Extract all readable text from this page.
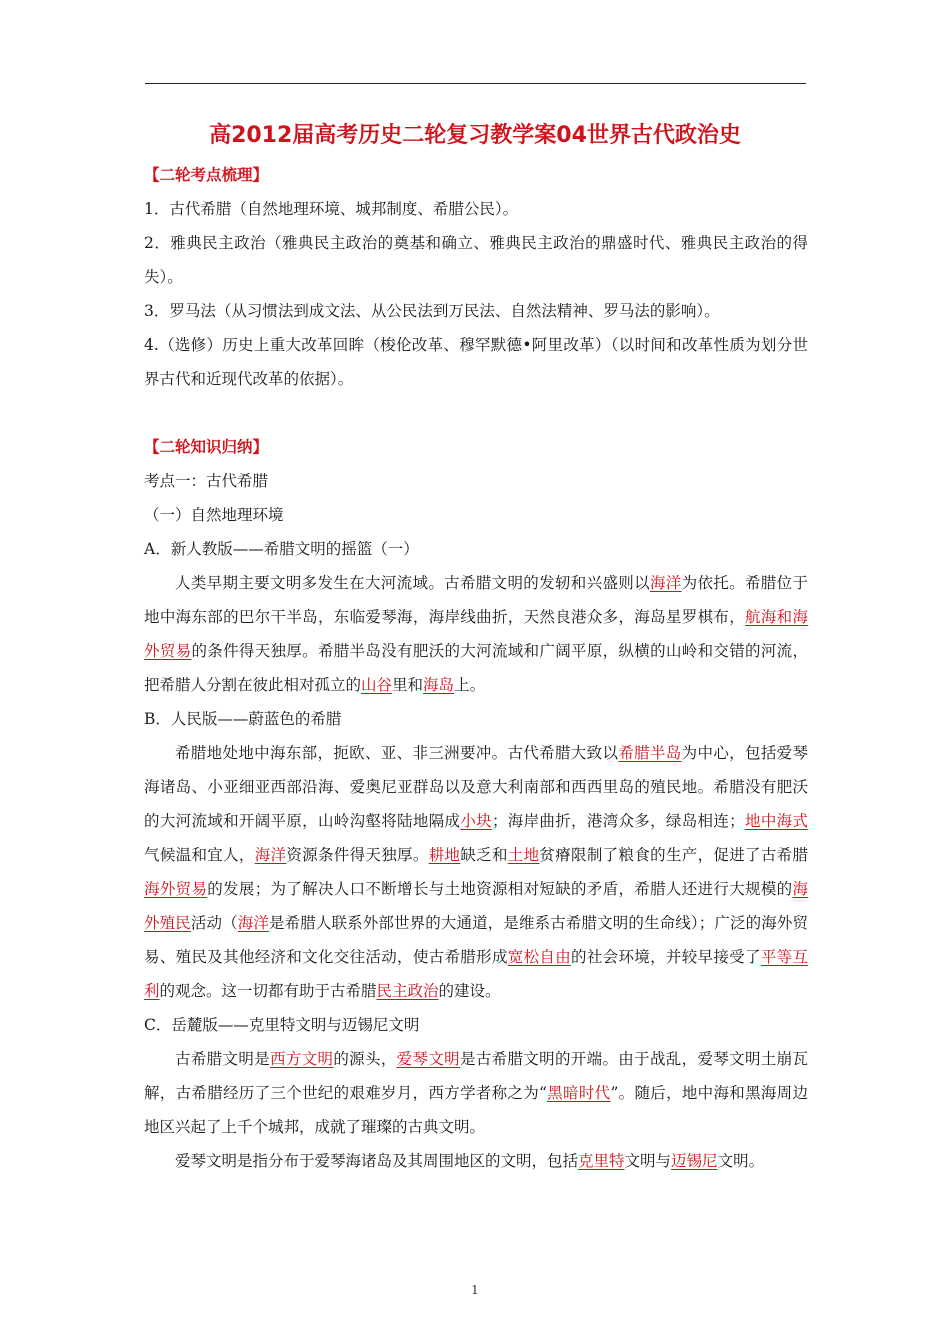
高2012届高考历史二轮复习教学案04世界古代政治史
【二轮考点梳理】

1．古代希腊（自然地理环境、城邦制度、希腊公民）。

2．雅典民主政治（雅典民主政治的奠基和确立、雅典民主政治的鼎盛时代、雅典民主政治的得失）。

3．罗马法（从习惯法到成文法、从公民法到万民法、自然法精神、罗马法的影响）。

4.（选修）历史上重大改革回眸（梭伦改革、穆罕默德•阿里改革）（以时间和改革性质为划分世界古代和近现代改革的依据）。

【二轮知识归纳】

考点一：古代希腊

（一）自然地理环境

A．新人教版——希腊文明的摇篮（一）

人类早期主要文明多发生在大河流域。古希腊文明的发轫和兴盛则以海洋为依托。希腊位于地中海东部的巴尔干半岛，东临爱琴海，海岸线曲折，天然良港众多，海岛星罗棋布，航海和海外贸易的条件得天独厚。希腊半岛没有肥沃的大河流域和广阔平原，纵横的山岭和交错的河流，把希腊人分割在彼此相对孤立的山谷里和海岛上。

B．人民版——蔚蓝色的希腊

希腊地处地中海东部，扼欧、亚、非三洲要冲。古代希腊大致以希腊半岛为中心，包括爱琴海诸岛、小亚细亚西部沿海、爱奥尼亚群岛以及意大利南部和西西里岛的殖民地。希腊没有肥沃的大河流域和开阔平原，山岭沟壑将陆地隔成小块；海岸曲折，港湾众多，绿岛相连；地中海式气候温和宜人，海洋资源条件得天独厚。耕地缺乏和土地贫瘠限制了粮食的生产，促进了古希腊海外贸易的发展；为了解决人口不断增长与土地资源相对短缺的矛盾，希腊人还进行大规模的海外殖民活动（海洋是希腊人联系外部世界的大通道，是维系古希腊文明的生命线）；广泛的海外贸易、殖民及其他经济和文化交往活动，使古希腊形成宽松自由的社会环境，并较早接受了平等互利的观念。这一切都有助于古希腊民主政治的建设。

C．岳麓版——克里特文明与迈锡尼文明

古希腊文明是西方文明的源头，爱琴文明是古希腊文明的开端。由于战乱，爱琴文明土崩瓦解，古希腊经历了三个世纪的艰难岁月，西方学者称之为“黑暗时代”。随后，地中海和黑海周边地区兴起了上千个城邦，成就了璀璨的古典文明。

爱琴文明是指分布于爱琴海诸岛及其周围地区的文明，包括克里特文明与迈锡尼文明。

1
